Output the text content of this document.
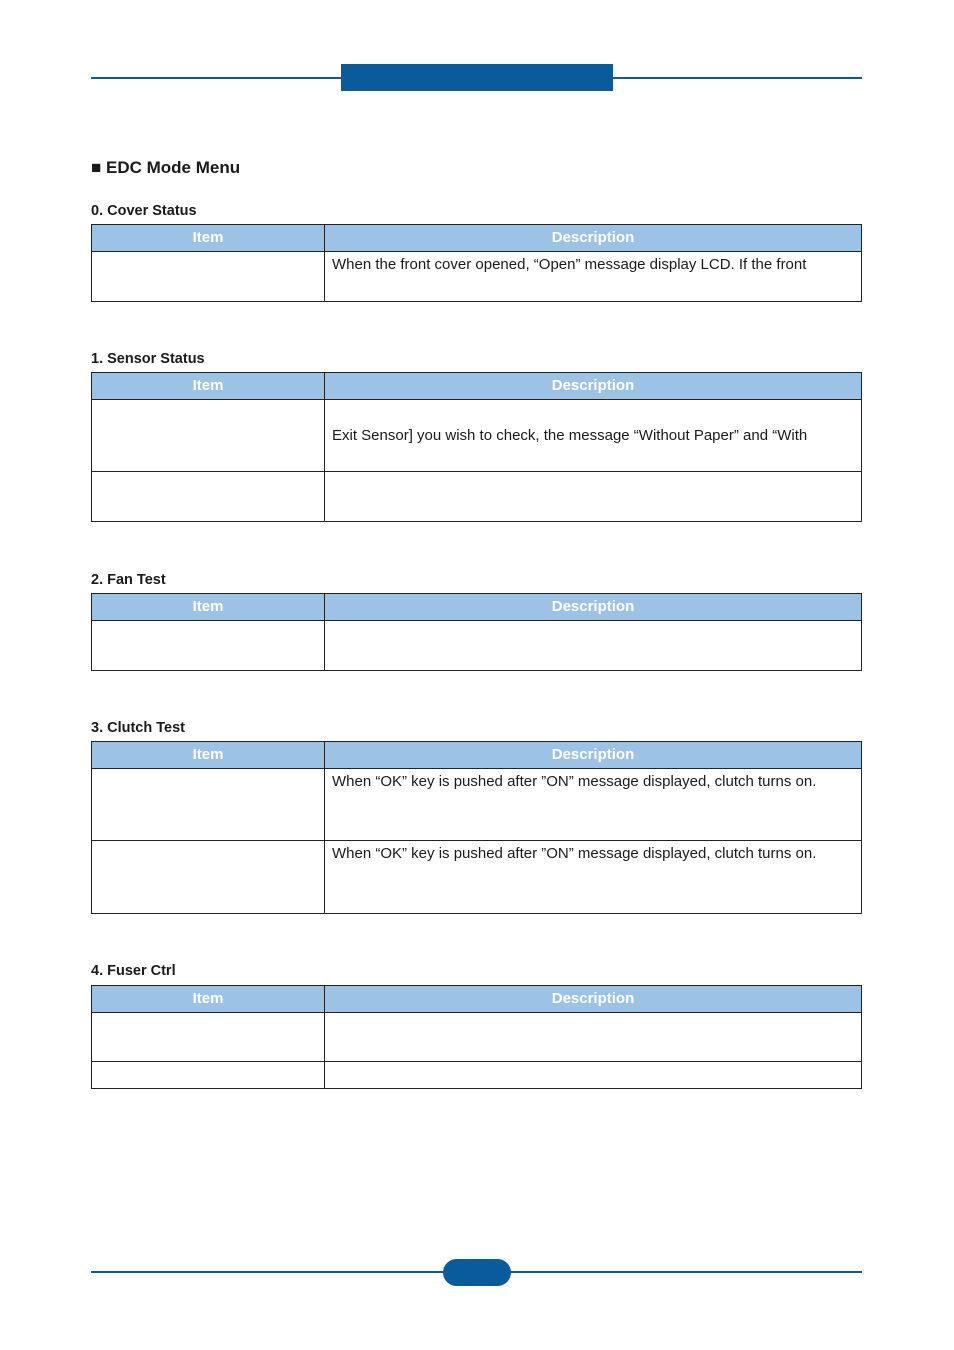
■ EDC Mode Menu
0. Cover Status
Item	Description

	When the front cover opened, “Open” message display LCD. If the front
1. Sensor Status
Item	Description

	Exit Sensor] you wish to check, the message “Without Paper” and “With

2. Fan Test
Item	Description

3. Clutch Test
Item	Description

	When “OK” key is pushed after ”ON” message displayed, clutch turns on.

	When “OK” key is pushed after ”ON” message displayed, clutch turns on.
4. Fuser Ctrl
Item	Description
